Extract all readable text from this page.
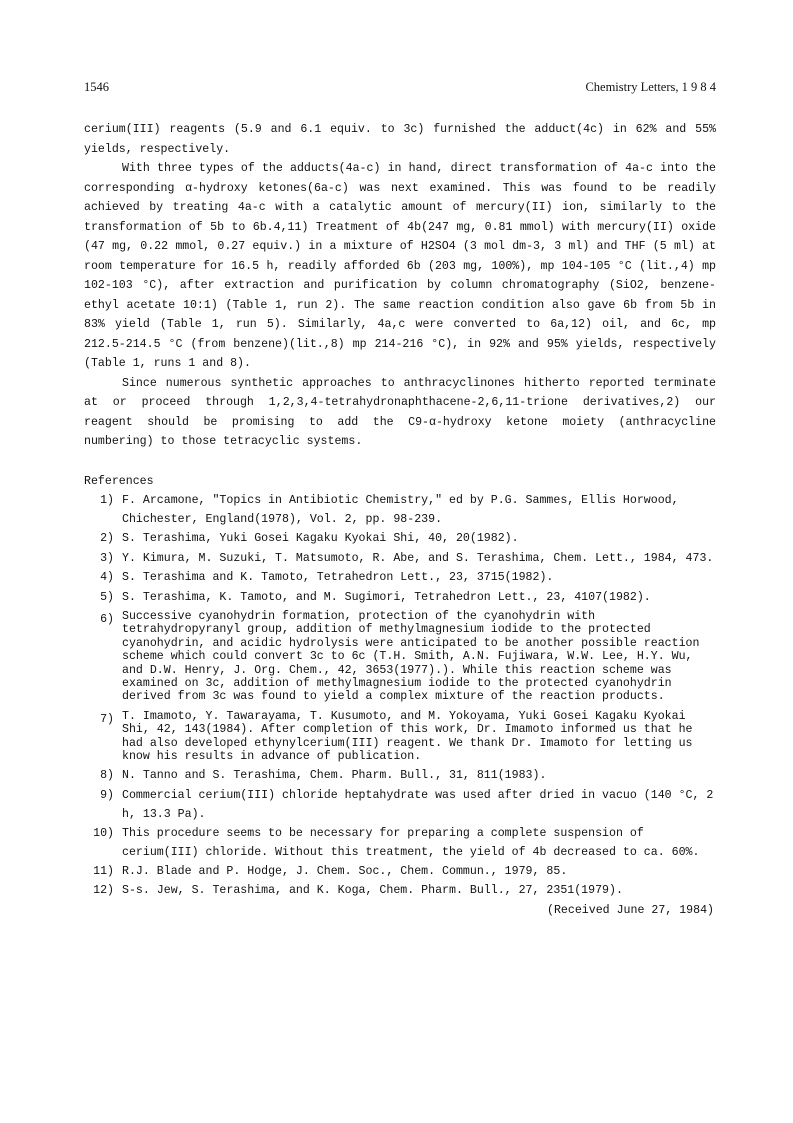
1546	Chemistry Letters, 1 9 8 4

cerium(III) reagents (5.9 and 6.1 equiv. to 3c) furnished the adduct(4c) in 62% and 55% yields, respectively.

With three types of the adducts(4a-c) in hand, direct transformation of 4a-c into the corresponding α-hydroxy ketones(6a-c) was next examined. This was found to be readily achieved by treating 4a-c with a catalytic amount of mercury(II) ion, similarly to the transformation of 5b to 6b.4,11) Treatment of 4b(247 mg, 0.81 mmol) with mercury(II) oxide (47 mg, 0.22 mmol, 0.27 equiv.) in a mixture of H2SO4 (3 mol dm-3, 3 ml) and THF (5 ml) at room temperature for 16.5 h, readily afforded 6b (203 mg, 100%), mp 104-105 °C (lit.,4) mp 102-103 °C), after extraction and purification by column chromatography (SiO2, benzene-ethyl acetate 10:1) (Table 1, run 2). The same reaction condition also gave 6b from 5b in 83% yield (Table 1, run 5). Similarly, 4a,c were converted to 6a,12) oil, and 6c, mp 212.5-214.5 °C (from benzene)(lit.,8) mp 214-216 °C), in 92% and 95% yields, respectively (Table 1, runs 1 and 8).

Since numerous synthetic approaches to anthracyclinones hitherto reported terminate at or proceed through 1,2,3,4-tetrahydronaphthacene-2,6,11-trione derivatives,2) our reagent should be promising to add the C9-α-hydroxy ketone moiety (anthracycline numbering) to those tetracyclic systems.

References
1) F. Arcamone, "Topics in Antibiotic Chemistry," ed by P.G. Sammes, Ellis Horwood, Chichester, England(1978), Vol. 2, pp. 98-239.
2) S. Terashima, Yuki Gosei Kagaku Kyokai Shi, 40, 20(1982).
3) Y. Kimura, M. Suzuki, T. Matsumoto, R. Abe, and S. Terashima, Chem. Lett., 1984, 473.
4) S. Terashima and K. Tamoto, Tetrahedron Lett., 23, 3715(1982).
5) S. Terashima, K. Tamoto, and M. Sugimori, Tetrahedron Lett., 23, 4107(1982).
6) Successive cyanohydrin formation, protection of the cyanohydrin with tetrahydropyranyl group, addition of methylmagnesium iodide to the protected cyanohydrin, and acidic hydrolysis were anticipated to be another possible reaction scheme which could convert 3c to 6c (T.H. Smith, A.N. Fujiwara, W.W. Lee, H.Y. Wu, and D.W. Henry, J. Org. Chem., 42, 3653(1977).). While this reaction scheme was examined on 3c, addition of methylmagnesium iodide to the protected cyanohydrin derived from 3c was found to yield a complex mixture of the reaction products.
7) T. Imamoto, Y. Tawarayama, T. Kusumoto, and M. Yokoyama, Yuki Gosei Kagaku Kyokai Shi, 42, 143(1984). After completion of this work, Dr. Imamoto informed us that he had also developed ethynylcerium(III) reagent. We thank Dr. Imamoto for letting us know his results in advance of publication.
8) N. Tanno and S. Terashima, Chem. Pharm. Bull., 31, 811(1983).
9) Commercial cerium(III) chloride heptahydrate was used after dried in vacuo (140 °C, 2 h, 13.3 Pa).
10) This procedure seems to be necessary for preparing a complete suspension of cerium(III) chloride. Without this treatment, the yield of 4b decreased to ca. 60%.
11) R.J. Blade and P. Hodge, J. Chem. Soc., Chem. Commun., 1979, 85.
12) S-s. Jew, S. Terashima, and K. Koga, Chem. Pharm. Bull., 27, 2351(1979).
(Received June 27, 1984)
